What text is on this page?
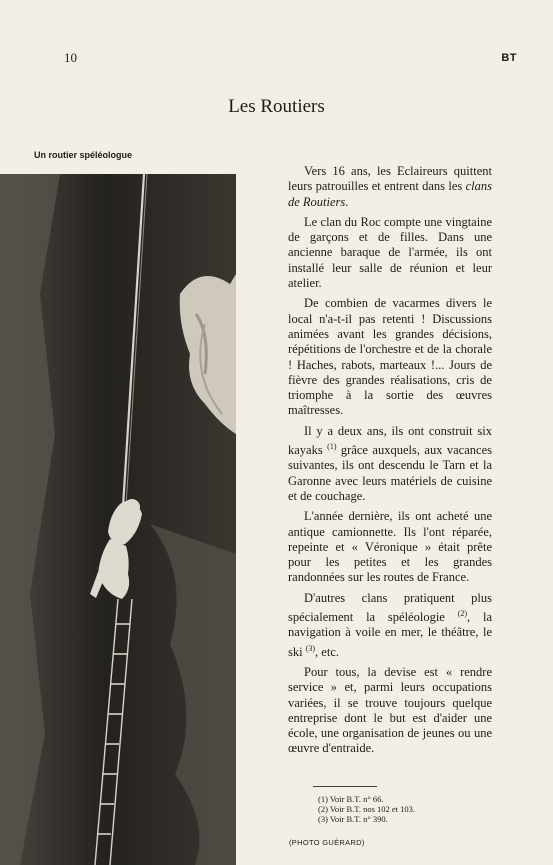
10	BT
Les Routiers
Un routier spéléologue

Vers 16 ans, les Eclaireurs quittent leurs patrouilles et entrent dans les clans de Routiers.

Le clan du Roc compte une vingtaine de garçons et de filles. Dans une ancienne baraque de l'armée, ils ont installé leur salle de réunion et leur atelier.

De combien de vacarmes divers le local n'a-t-il pas retenti ! Discussions animées avant les grandes décisions, répétitions de l'orchestre et de la chorale ! Haches, rabots, marteaux !... Jours de fièvre des grandes réalisations, cris de triomphe à la sortie des œuvres maîtresses.

Il y a deux ans, ils ont construit six kayaks $^{(1)}$ grâce auxquels, aux vacances suivantes, ils ont descendu le Tarn et la Garonne avec leurs matériels de cuisine et de couchage.

L'année dernière, ils ont acheté une antique camionnette. Ils l'ont réparée, repeinte et « Véronique » était prête pour les petites et les grandes randonnées sur les routes de France.

D'autres clans pratiquent plus spécialement la spéléologie $^{(2)}$, la navigation à voile en mer, le théâtre, le ski $^{(3)}$, etc.

Pour tous, la devise est « rendre service » et, parmi leurs occupations variées, il se trouve toujours quelque entreprise dont le but est d'aider une école, une organisation de jeunes ou une œuvre d'entraide.

(1) Voir B.T. n° 66.
(2) Voir B.T. nos 102 et 103.
(3) Voir B.T. n° 390.
(PHOTO GUÉRARD)
